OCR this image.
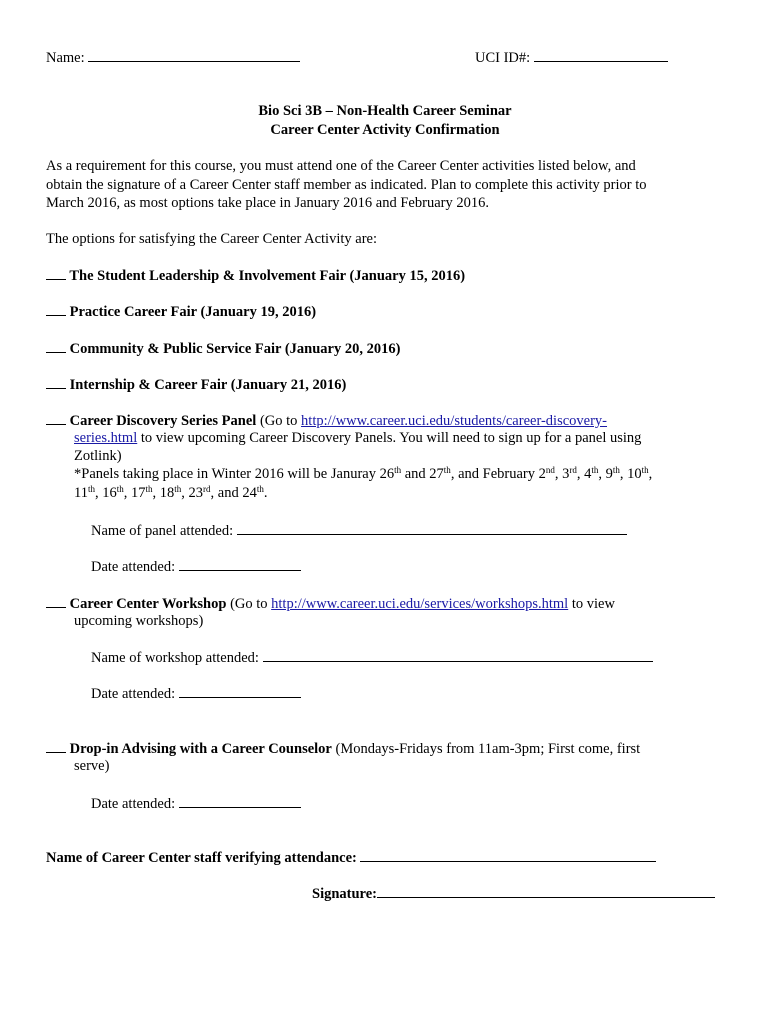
Name:	UCI ID#:
Bio Sci 3B – Non-Health Career Seminar
Career Center Activity Confirmation
As a requirement for this course, you must attend one of the Career Center activities listed below, and
obtain the signature of a Career Center staff member as indicated. Plan to complete this activity prior to
March 2016, as most options take place in January 2016 and February 2016.
The options for satisfying the Career Center Activity are:
The Student Leadership & Involvement Fair (January 15, 2016)
Practice Career Fair (January 19, 2016)
Community & Public Service Fair (January 20, 2016)
Internship & Career Fair (January 21, 2016)
Career Discovery Series Panel (Go to http://www.career.uci.edu/students/career-discovery-
series.html to view upcoming Career Discovery Panels. You will need to sign up for a panel using
Zotlink)
*Panels taking place in Winter 2016 will be Januray 26th and 27th, and February 2nd, 3rd, 4th, 9th, 10th,
11th, 16th, 17th, 18th, 23rd, and 24th.
Name of panel attended:
Date attended:
Career Center Workshop (Go to http://www.career.uci.edu/services/workshops.html to view
upcoming workshops)
Name of workshop attended:
Date attended:
Drop-in Advising with a Career Counselor (Mondays-Fridays from 11am-3pm; First come, first
serve)
Date attended:
Name of Career Center staff verifying attendance:
Signature:
